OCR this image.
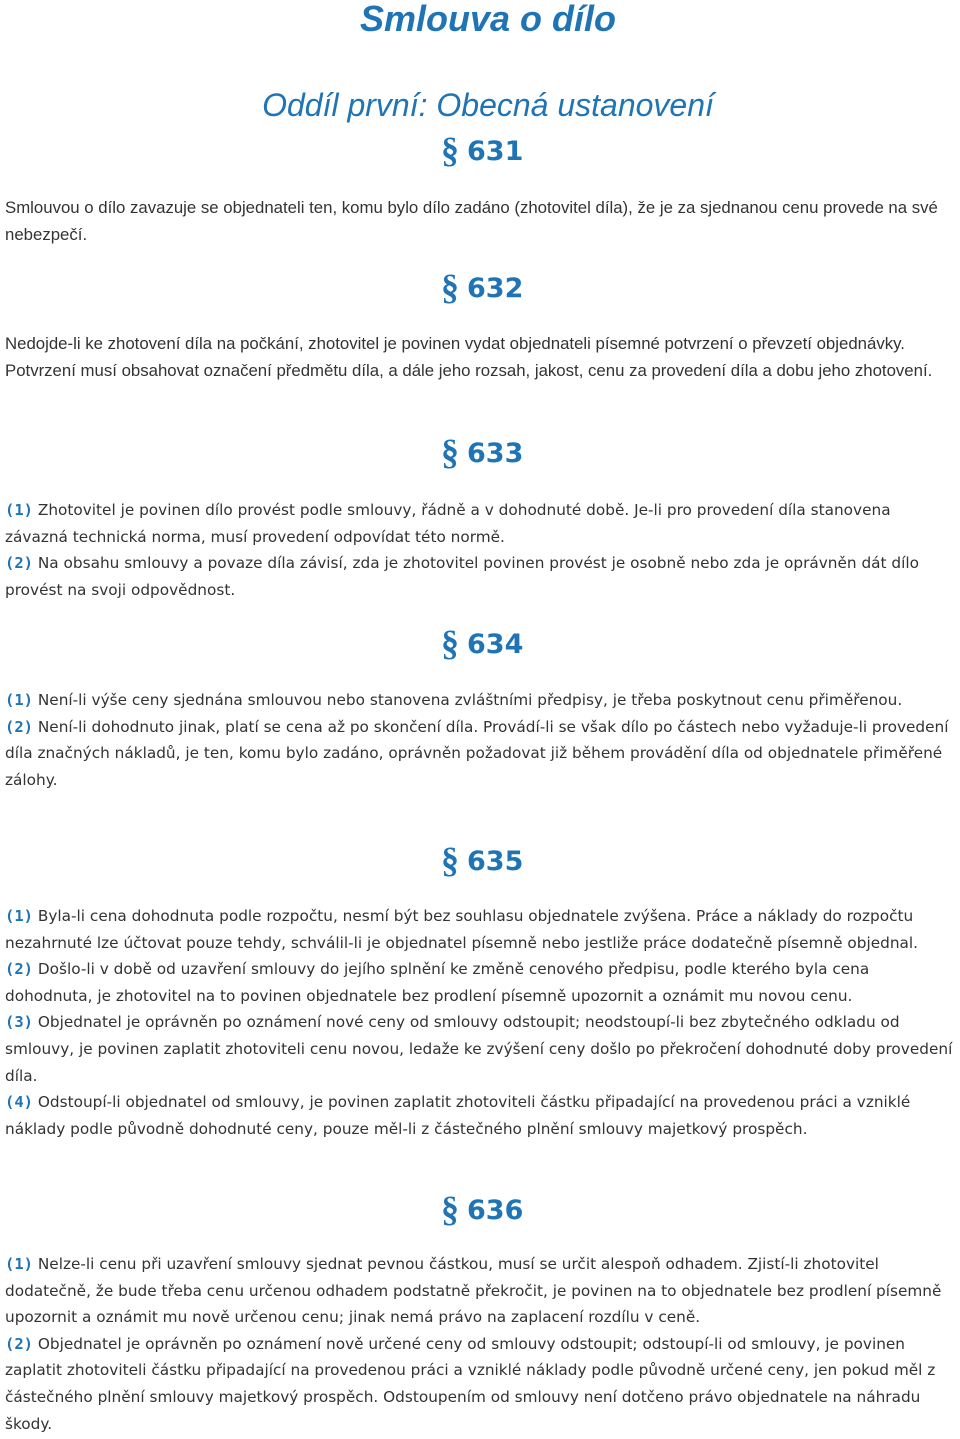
Smlouva o dílo
Oddíl první: Obecná ustanovení
§ 631

Smlouvou o dílo zavazuje se objednateli ten, komu bylo dílo zadáno (zhotovitel díla), že je za sjednanou cenu provede na své nebezpečí.

§ 632

Nedojde-li ke zhotovení díla na počkání, zhotovitel je povinen vydat objednateli písemné potvrzení o převzetí objednávky. Potvrzení musí obsahovat označení předmětu díla, a dále jeho rozsah, jakost, cenu za provedení díla a dobu jeho zhotovení.

§ 633
(1) Zhotovitel je povinen dílo provést podle smlouvy, řádně a v dohodnuté době. Je-li pro provedení díla stanovena závazná technická norma, musí provedení odpovídat této normě.
(2) Na obsahu smlouvy a povaze díla závisí, zda je zhotovitel povinen provést je osobně nebo zda je oprávněn dát dílo provést na svoji odpovědnost.
§ 634
(1) Není-li výše ceny sjednána smlouvou nebo stanovena zvláštními předpisy, je třeba poskytnout cenu přiměřenou.
(2) Není-li dohodnuto jinak, platí se cena až po skončení díla. Provádí-li se však dílo po částech nebo vyžaduje-li provedení díla značných nákladů, je ten, komu bylo zadáno, oprávněn požadovat již během provádění díla od objednatele přiměřené zálohy.
§ 635
(1) Byla-li cena dohodnuta podle rozpočtu, nesmí být bez souhlasu objednatele zvýšena. Práce a náklady do rozpočtu nezahrnuté lze účtovat pouze tehdy, schválil-li je objednatel písemně nebo jestliže práce dodatečně písemně objednal.
(2) Došlo-li v době od uzavření smlouvy do jejího splnění ke změně cenového předpisu, podle kterého byla cena dohodnuta, je zhotovitel na to povinen objednatele bez prodlení písemně upozornit a oznámit mu novou cenu.
(3) Objednatel je oprávněn po oznámení nové ceny od smlouvy odstoupit; neodstoupí-li bez zbytečného odkladu od smlouvy, je povinen zaplatit zhotoviteli cenu novou, ledaže ke zvýšení ceny došlo po překročení dohodnuté doby provedení díla.
(4) Odstoupí-li objednatel od smlouvy, je povinen zaplatit zhotoviteli částku připadající na provedenou práci a vzniklé náklady podle původně dohodnuté ceny, pouze měl-li z částečného plnění smlouvy majetkový prospěch.
§ 636
(1) Nelze-li cenu při uzavření smlouvy sjednat pevnou částkou, musí se určit alespoň odhadem. Zjistí-li zhotovitel dodatečně, že bude třeba cenu určenou odhadem podstatně překročit, je povinen na to objednatele bez prodlení písemně upozornit a oznámit mu nově určenou cenu; jinak nemá právo na zaplacení rozdílu v ceně.
(2) Objednatel je oprávněn po oznámení nově určené ceny od smlouvy odstoupit; odstoupí-li od smlouvy, je povinen zaplatit zhotoviteli částku připadající na provedenou práci a vzniklé náklady podle původně určené ceny, jen pokud měl z částečného plnění smlouvy majetkový prospěch. Odstoupením od smlouvy není dotčeno právo objednatele na náhradu škody.
